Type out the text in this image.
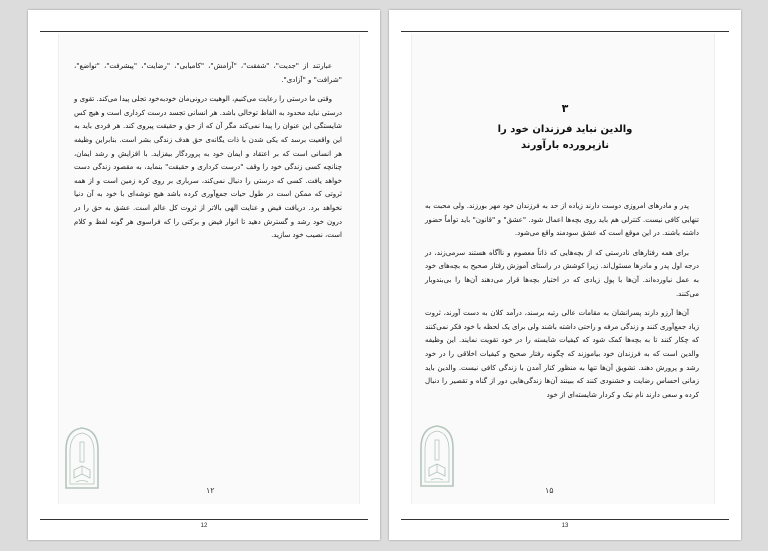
عبارتند از "جدیت"، "شفقت"، "آرامش"، "کامیابی"، "رضایت"، "پیشرفت"، "تواضع"، "شرافت" و "آزادی".

وقتی ما درستی را رعایت می‌کنیم، الوهیت درونی‌مان خودبه‌خود تجلی پیدا می‌کند. تقوی و درستی نباید محدود به الفاظ توخالی باشد. هر انسانی تجسد درست کرداری است و هیچ کس شایستگی این عنوان را پیدا نمی‌کند مگر آن که از حق و حقیقت پیروی کند. هر فردی باید به این واقعیت برسد که یکی شدن با ذات یگانه‌ی حق هدف زندگی بشر است. بنابراین وظیفه هر انسانی است که بر اعتقاد و ایمان خود به پروردگار بیفزاید. با افزایش و رشد ایمان، چنانچه کسی زندگی خود را وقف "درست کرداری و حقیقت" بنماید، به مقصود زندگی دست خواهد یافت. کسی که درستی را دنبال نمی‌کند، سرباری بر روی کره زمین است و از همه ثروتی که ممکن است در طول حیات جمع‌آوری کرده باشد هیچ توشه‌ای با خود به آن دنیا نخواهد برد. دریافت فیض و عنایت الهی بالاتر از ثروت کل عالم است. عشق به حق را در درون خود رشد و گسترش دهید تا انوار فیض و برکتی را که فراسوی هر گونه لفظ و کلام است، نصیب خود سازید.

۱۲
12
۳
والدین نباید فرزندان خود را
نازپرورده بارآورند

پدر و مادرهای امروزی دوست دارند زیاده از حد به فرزندان خود مهر بورزند. ولی محبت به تنهایی کافی نیست. کنترلی هم باید روی بچه‌ها اعمال شود. "عشق" و "قانون" باید توأماً حضور داشته باشند. در این موقع است که عشق سودمند واقع می‌شود.

برای همه رفتارهای نادرستی که از بچه‌هایی که ذاتاً معصوم و ناآگاه هستند سرمی‌زند، در درجه اول پدر و مادرها مسئول‌اند. زیرا کوشش در راستای آموزش رفتار صحیح به بچه‌های خود به عمل نیاورده‌اند. آن‌ها با پول زیادی که در اختیار بچه‌ها قرار می‌دهند آن‌ها را بی‌بندوبار می‌کنند.

آن‌ها آرزو دارند پسرانشان به مقامات عالی رتبه برسند، درآمد کلان به دست آورند، ثروت زیاد جمع‌آوری کنند و زندگی مرفه و راحتی داشته باشند ولی برای یک لحظه با خود فکر نمی‌کنند که چکار کنند تا به بچه‌ها کمک شود که کیفیات شایسته را در خود تقویت نمایند. این وظیفه والدین است که به فرزندان خود بیاموزند که چگونه رفتار صحیح و کیفیات اخلاقی را در خود رشد و پرورش دهند. تشویق آن‌ها تنها به منظور کنار آمدن با زندگی کافی نیست. والدین باید زمانی احساس رضایت و خشنودی کنند که ببینند آن‌ها زندگی‌هایی دور از گناه و تقصیر را دنبال کرده و سعی دارند نام نیک و کردار شایسته‌ای از خود

۱۵
13
